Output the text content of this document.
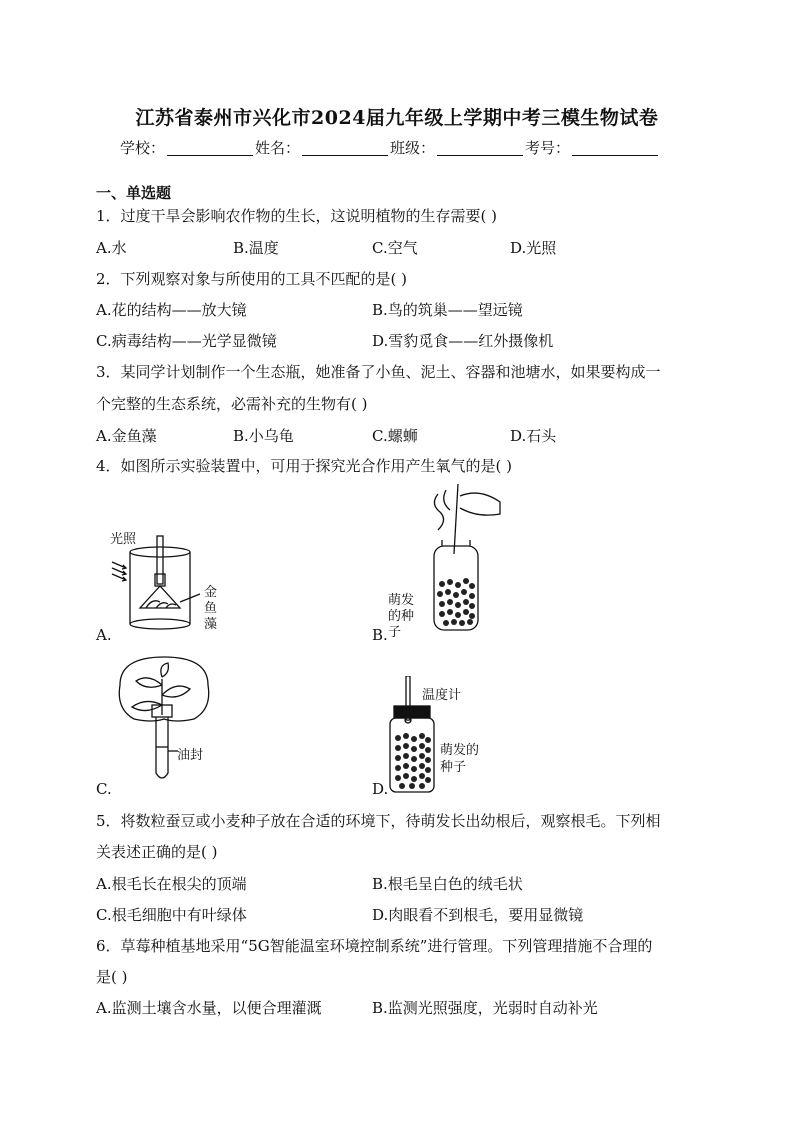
江苏省泰州市兴化市2024届九年级上学期中考三模生物试卷
学校：	姓名：	班级：	考号：
一、单选题
1．过度干旱会影响农作物的生长，这说明植物的生存需要( )
A.水	B.温度	C.空气	D.光照
2．下列观察对象与所使用的工具不匹配的是( )
A.花的结构——放大镜	B.鸟的筑巢——望远镜
C.病毒结构——光学显微镜	D.雪豹觅食——红外摄像机
3．某同学计划制作一个生态瓶，她准备了小鱼、泥土、容器和池塘水，如果要构成一
个完整的生态系统，必需补充的生物有( )
A.金鱼藻	B.小乌龟	C.螺蛳	D.石头
4．如图所示实验装置中，可用于探究光合作用产生氧气的是( )
光照
金
鱼
藻
A.
萌发
的种
子
B.
油封
C.
温度计
萌发的
种子
D.
5．将数粒蚕豆或小麦种子放在合适的环境下，待萌发长出幼根后，观察根毛。下列相
关表述正确的是( )
A.根毛长在根尖的顶端	B.根毛呈白色的绒毛状
C.根毛细胞中有叶绿体	D.肉眼看不到根毛，要用显微镜
6．草莓种植基地采用“5G智能温室环境控制系统”进行管理。下列管理措施不合理的
是( )
A.监测土壤含水量，以便合理灌溉	B.监测光照强度，光弱时自动补光
